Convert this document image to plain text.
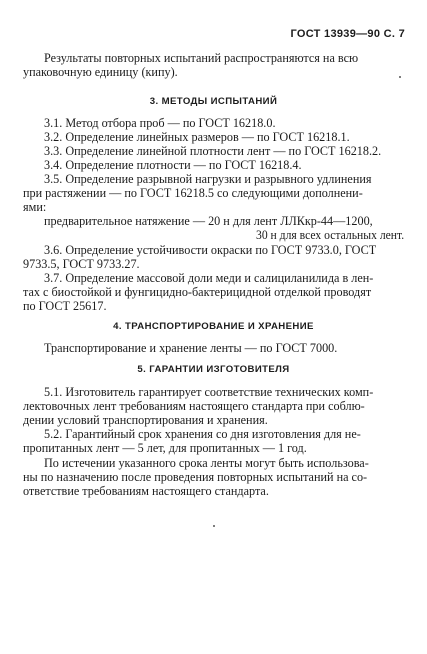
ГОСТ 13939—90 С. 7
Результаты повторных испытаний распространяются на всю
упаковочную единицу (кипу).
3. МЕТОДЫ ИСПЫТАНИЙ
3.1. Метод отбора проб — по ГОСТ 16218.0.
3.2. Определение линейных размеров — по ГОСТ 16218.1.
3.3. Определение линейной плотности лент — по ГОСТ 16218.2.
3.4. Определение плотности — по ГОСТ 16218.4.
3.5. Определение разрывной нагрузки и разрывного удлинения
при растяжении — по ГОСТ 16218.5 со следующими дополнени-
ями:
предварительное натяжение — 20 н для лент ЛЛКкр-44—1200,
30 н для всех остальных лент.
3.6. Определение устойчивости окраски по ГОСТ 9733.0, ГОСТ
9733.5, ГОСТ 9733.27.
3.7. Определение массовой доли меди и салициланилида в лен-
тах с биостойкой и фунгицидно-бактерицидной отделкой проводят
по ГОСТ 25617.
4. ТРАНСПОРТИРОВАНИЕ И ХРАНЕНИЕ
Транспортирование и хранение ленты — по ГОСТ 7000.
5. ГАРАНТИИ ИЗГОТОВИТЕЛЯ
5.1. Изготовитель гарантирует соответствие технических комп-
лектовочных лент требованиям настоящего стандарта при соблю-
дении условий транспортирования и хранения.
5.2. Гарантийный срок хранения со дня изготовления для не-
пропитанных лент — 5 лет, для пропитанных — 1 год.
По истечении указанного срока ленты могут быть использова-
ны по назначению после проведения повторных испытаний на со-
ответствие требованиям настоящего стандарта.
